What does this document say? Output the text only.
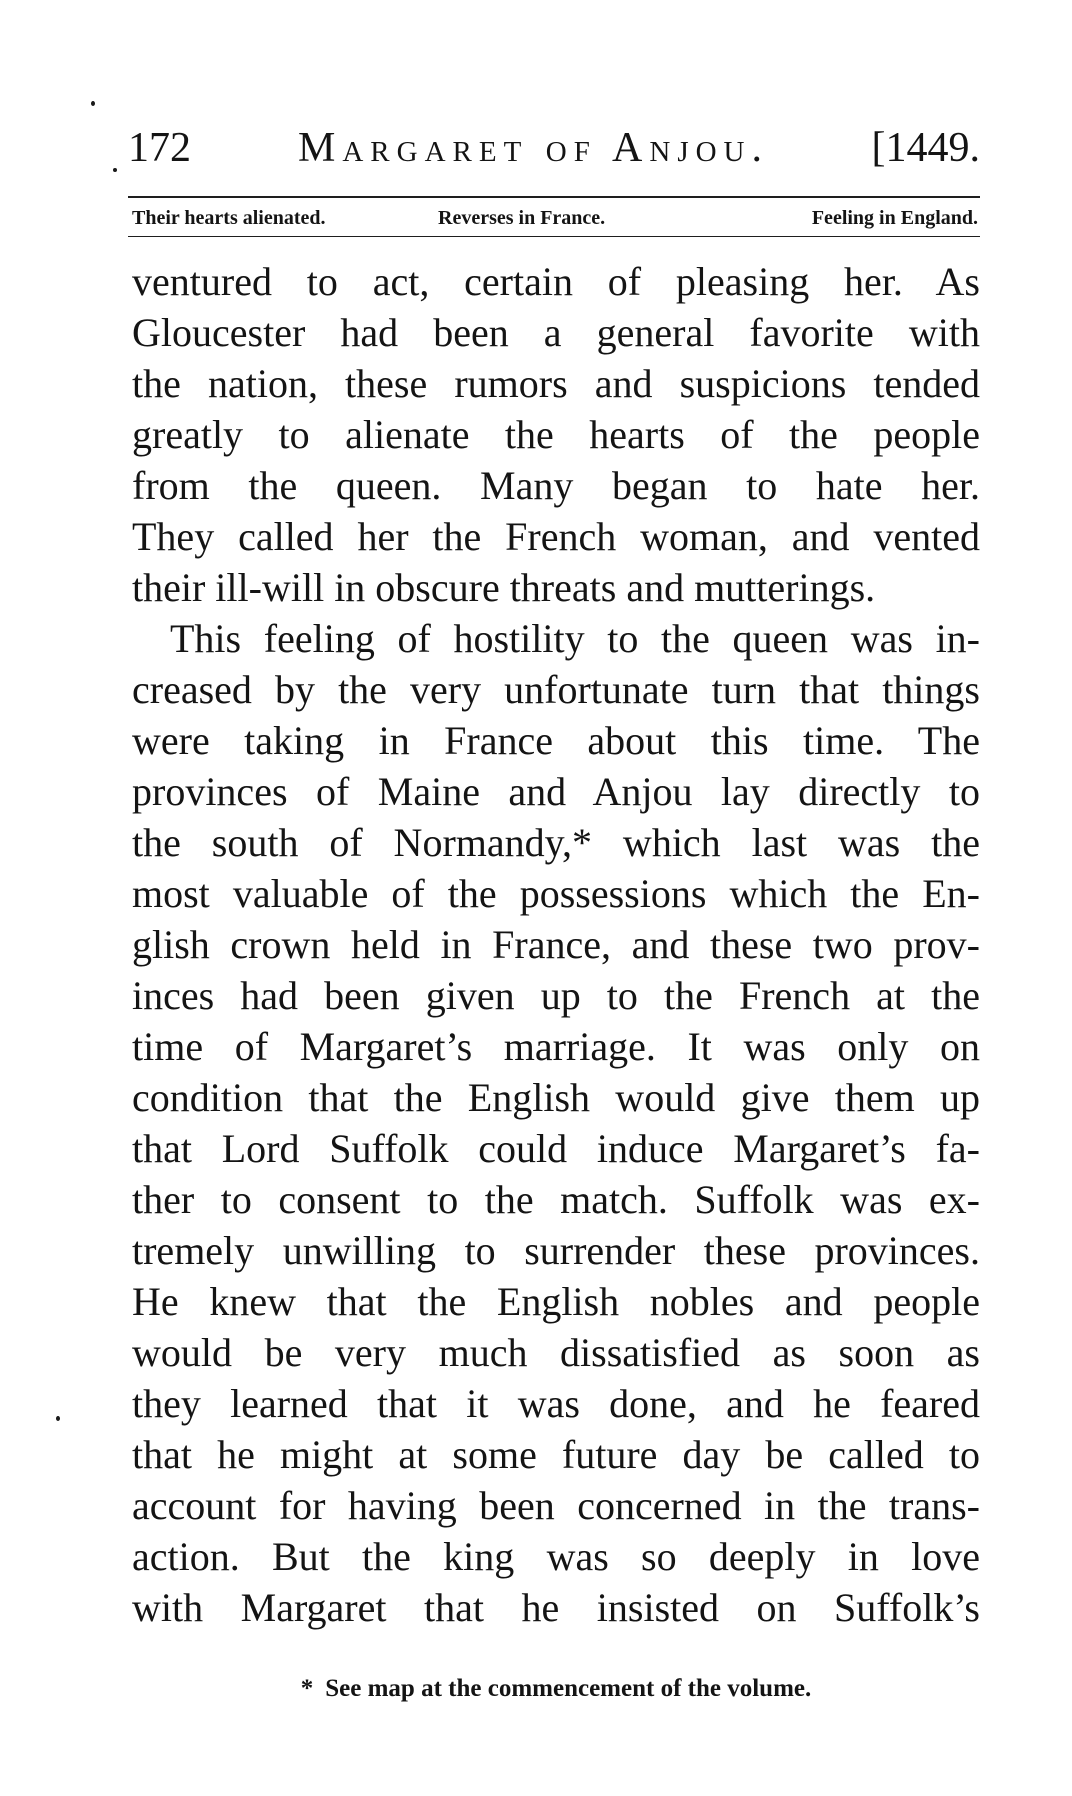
172	Margaret of Anjou. [1449.
Their hearts alienated.	Reverses in France.	Feeling in England.
ventured to act, certain of pleasing her. As
Gloucester had been a general favorite with
the nation, these rumors and suspicions tended
greatly to alienate the hearts of the people
from the queen. Many began to hate her.
They called her the French woman, and vented
their ill-will in obscure threats and mutterings.
This feeling of hostility to the queen was in-
creased by the very unfortunate turn that things
were taking in France about this time. The
provinces of Maine and Anjou lay directly to
the south of Normandy,* which last was the
most valuable of the possessions which the En-
glish crown held in France, and these two prov-
inces had been given up to the French at the
time of Margaret’s marriage. It was only on
condition that the English would give them up
that Lord Suffolk could induce Margaret’s fa-
ther to consent to the match. Suffolk was ex-
tremely unwilling to surrender these provinces.
He knew that the English nobles and people
would be very much dissatisfied as soon as
they learned that it was done, and he feared
that he might at some future day be called to
account for having been concerned in the trans-
action. But the king was so deeply in love
with Margaret that he insisted on Suffolk’s
* See map at the commencement of the volume.
